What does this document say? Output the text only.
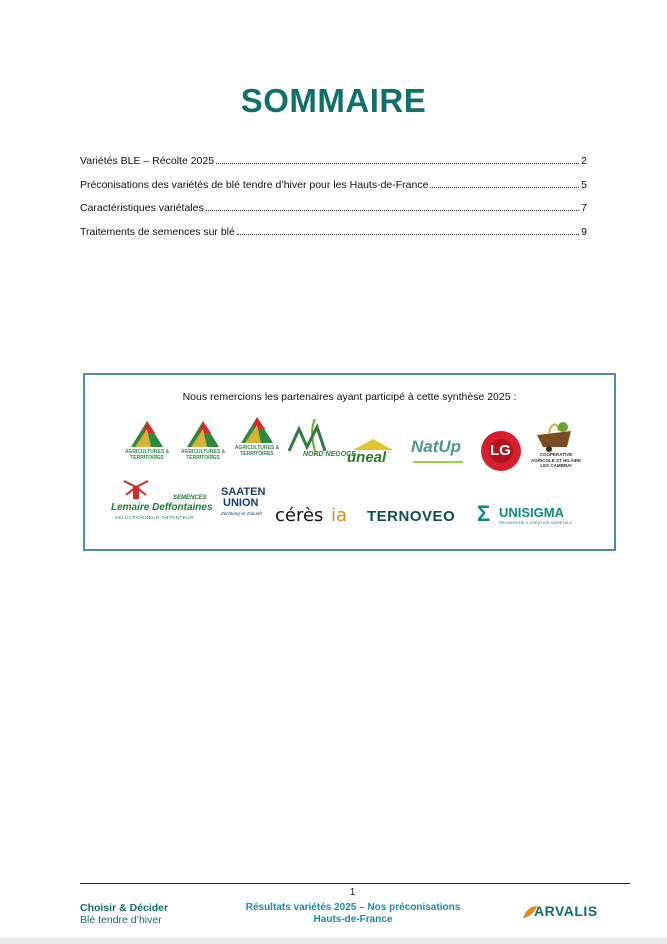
SOMMAIRE
Variétés BLE – Récolte 2025	2
Préconisations des variétés de blé tendre d’hiver pour les Hauts-de-France	5
Caractéristiques variétales	7
Traitements de semences sur blé	9
Nous remercions les partenaires ayant participé à cette synthèse 2025 :
AGRICULTURES & TERRITOIRES
AGRICULTURES & TERRITOIRES
AGRICULTURES & TERRITOIRES	NORD NEGOCE
uneal
NatUp LG	COOPERATIVE AGRICOLE ST HILAIRE LES CAMBRAI
SEMENCES
Lemaire Deffontaines
SÉLECTIONNEUR OBTENTEUR
SAATEN
UNION
Züchtung ist Zukunft cérès ia TERNOVEO Σ UNISIGMA
RECHERCHE & CRÉATION VARIÉTALE
1
Choisir & Décider
Blé tendre d’hiver
Résultats variétés 2025 – Nos préconisations
Hauts-de-France
ARVALIS
